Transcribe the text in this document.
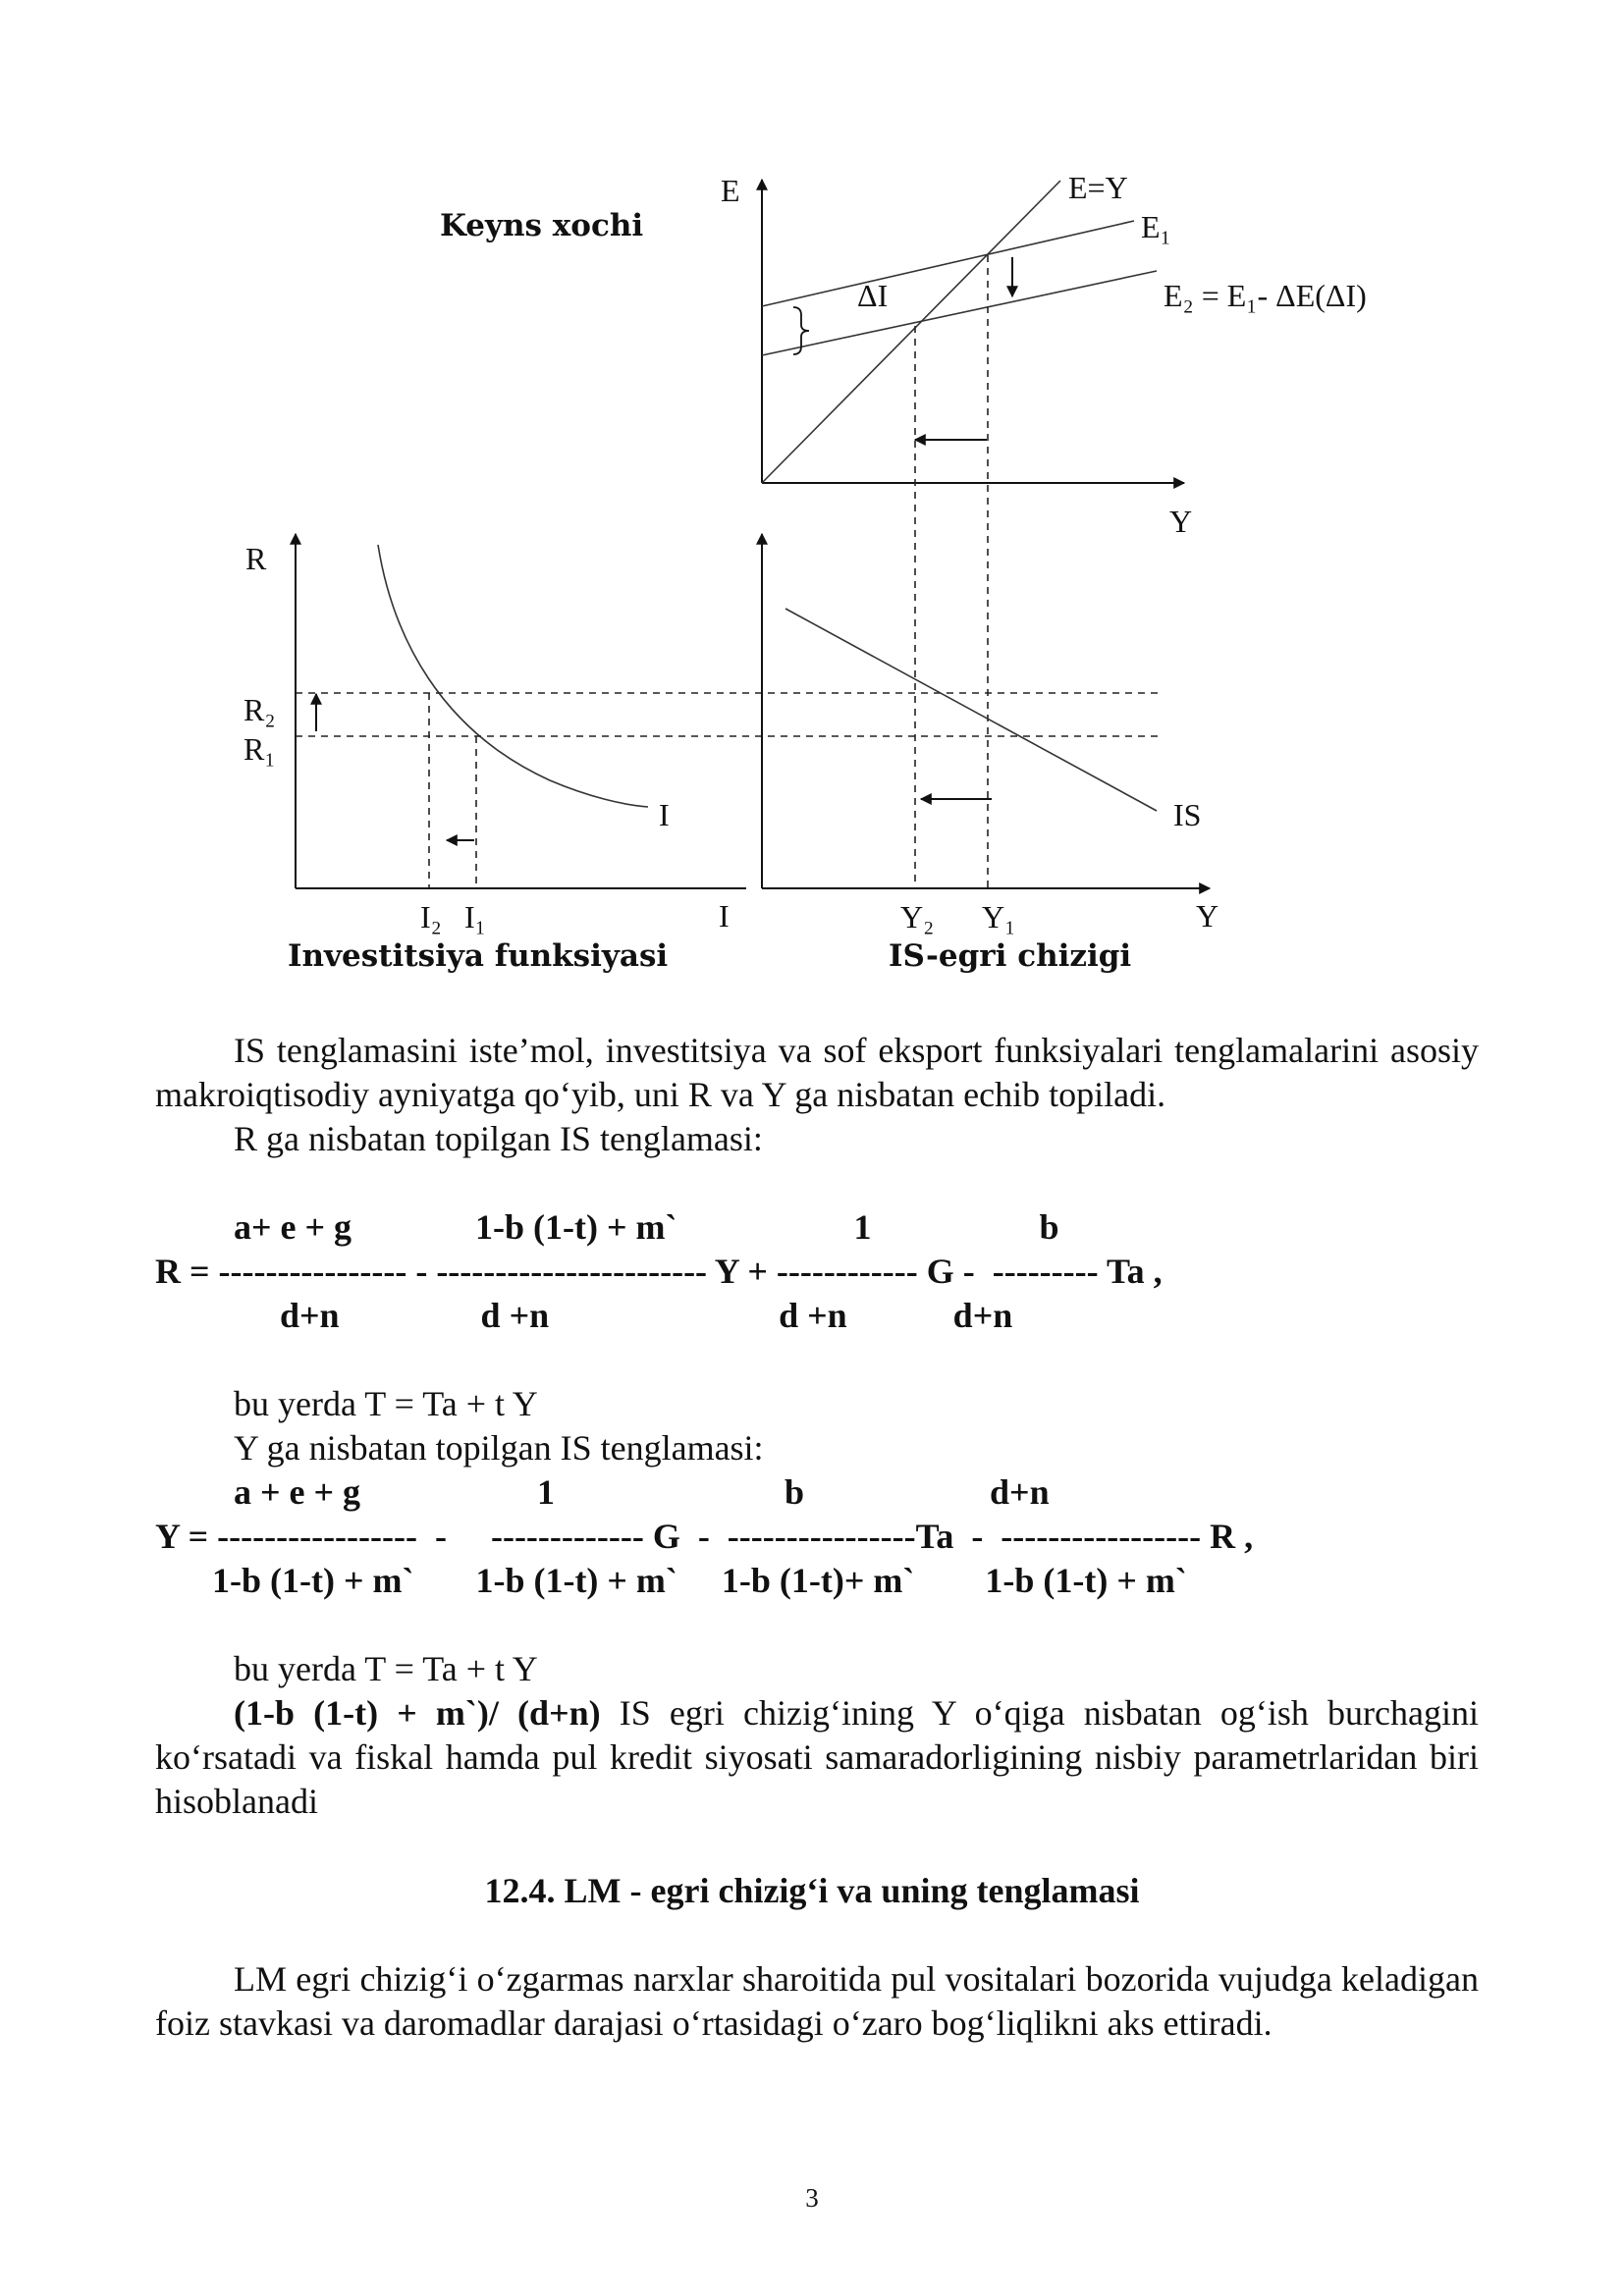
Keyns xochi
Investitsiya funksiyasi	IS-egri chizigi
E
Y
E=Y
E₁
E₂ = E₁- ΔE(ΔI)
ΔI
R
I
I
R₂
R₁
I₂ I₁	Y
IS
Y₂ Y₁
IS tenglamasini iste’mol, investitsiya va sof eksport funksiyalari tenglamalarini asosiy makroiqtisodiy ayniyatga qo‘yib, uni R va Y ga nisbatan echib topiladi.
R ga nisbatan topilgan IS tenglamasi:
a+ e + g              1-b (1-t) + m`                    1                   b
R = ---------------- - ----------------------- Y + ------------ G -  --------- Ta ,
d+n                d +n                          d +n            d+n
bu yerda T = Ta + t Y
Y ga nisbatan topilgan IS tenglamasi:
a + e + g                    1                          b                     d+n
Y = -----------------  -     ------------- G  -  ----------------Ta  -  ----------------- R ,
1-b (1-t) + m`       1-b (1-t) + m`     1-b (1-t)+ m`        1-b (1-t) + m`
bu yerda T = Ta + t Y
(1-b (1-t) + m`)/ (d+n) IS egri chizig‘ining Y o‘qiga nisbatan og‘ish burchagini ko‘rsatadi va fiskal hamda pul kredit siyosati samaradorligining nisbiy parametrlaridan biri hisoblanadi
12.4. LM - egri chizig‘i va uning tenglamasi
LM egri chizig‘i o‘zgarmas narxlar sharoitida pul vositalari bozorida vujudga keladigan foiz stavkasi va daromadlar darajasi o‘rtasidagi o‘zaro bog‘liqlikni aks ettiradi.
3
